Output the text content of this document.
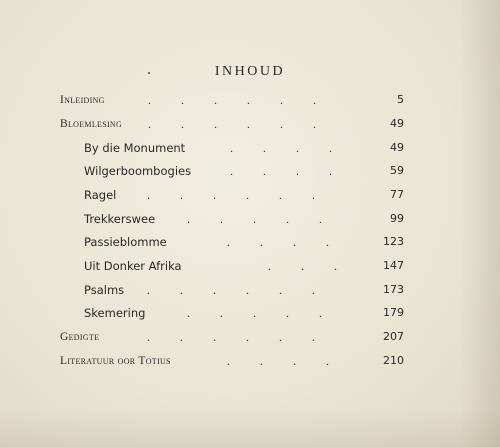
INHOUD
Inleiding	.          .          .          .          .          .	5
Bloemlesing .          .          .          .          .          .	49
By die Monument	.          .          .          .	49
Wilgerboombogies	.          .          .          .	59
Ragel	.          .          .          .          .          .	77
Trekkerswee	.          .          .          .          .	99
Passieblomme	.          .          .          .	123
Uit Donker Afrika	.          .          .	147
Psalms .          .          .          .          .          .	173
Skemering	.          .          .          .          .	179
Gedigte	.          .          .          .          .          .	207
Literatuur oor Totius	.          .          .          .	210
